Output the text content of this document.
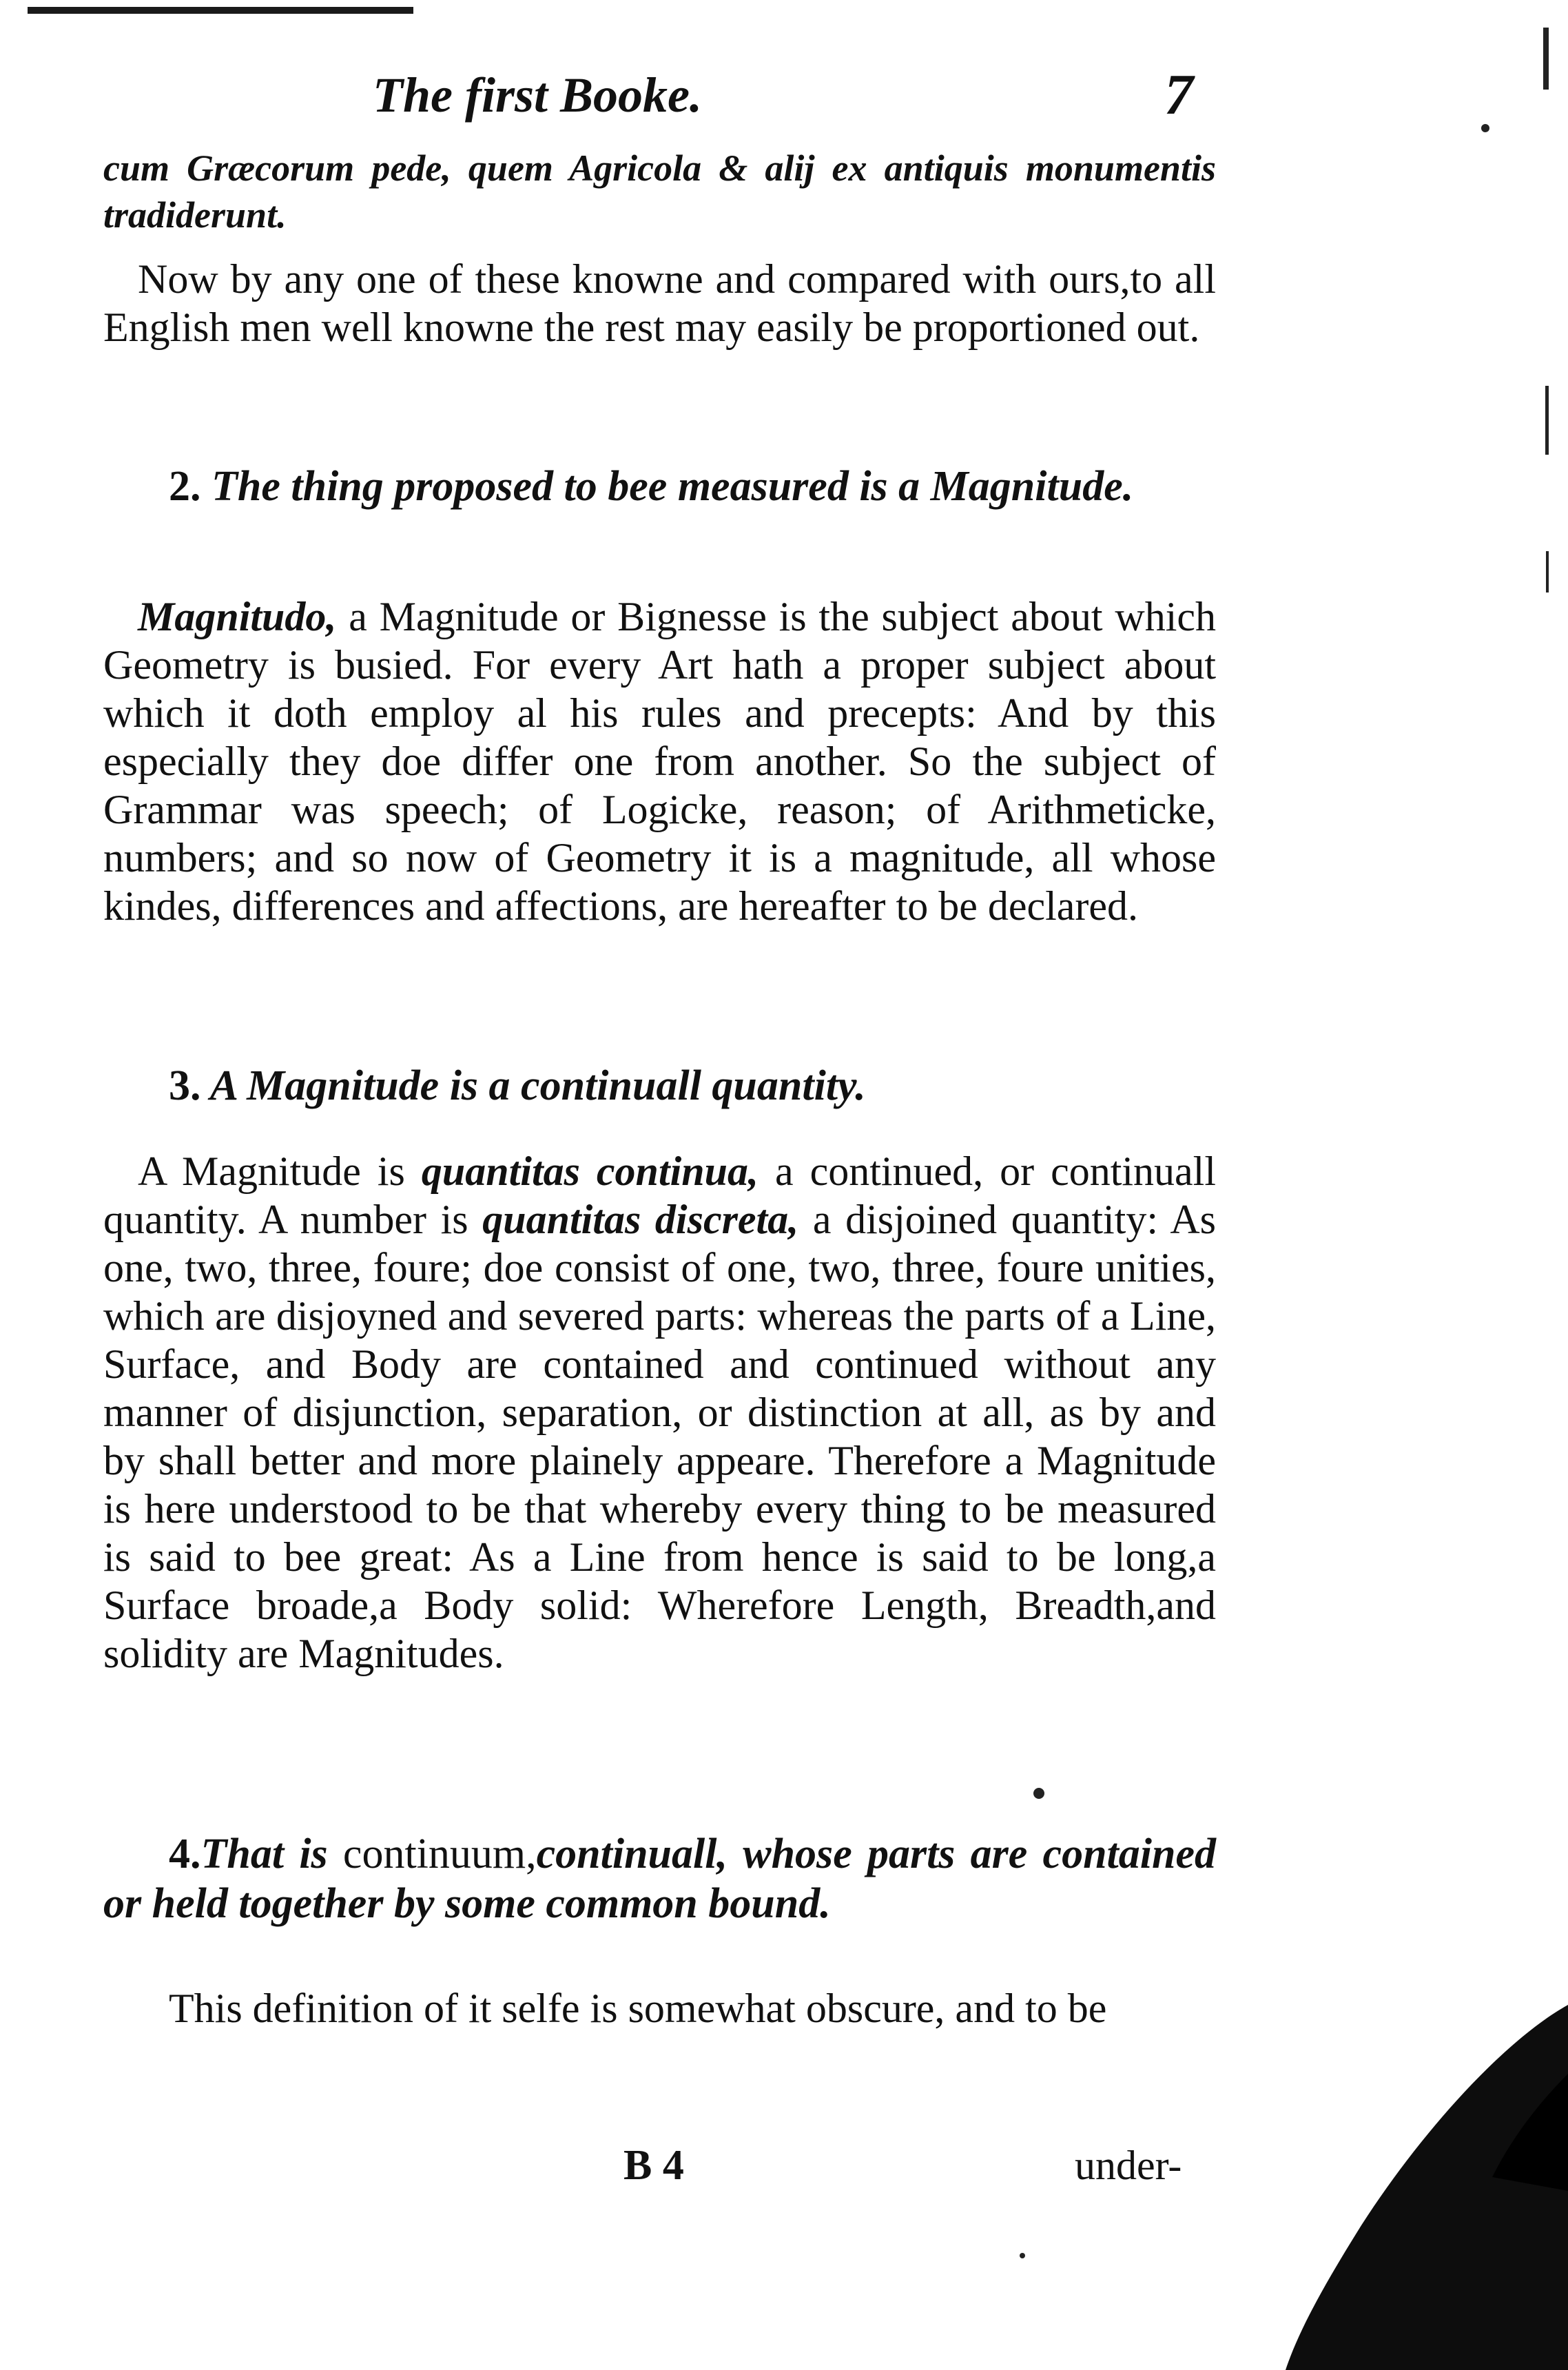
The first Booke.	7
cum Græcorum pede, quem Agricola & alij ex antiquis monumentis tradiderunt.
Now by any one of these knowne and compared with ours,to all English men well knowne the rest may easily be proportioned out.
2. The thing proposed to bee measured is a Magnitude.
Magnitudo, a Magnitude or Bignesse is the subject about which Geometry is busied. For every Art hath a proper subject about which it doth employ al his rules and precepts: And by this especially they doe differ one from another. So the subject of Grammar was speech; of Logicke, reason; of Arithmeticke, numbers; and so now of Geometry it is a magnitude, all whose kindes, differences and affections, are hereafter to be declared.
3. A Magnitude is a continuall quantity.
A Magnitude is quantitas continua, a continued, or continuall quantity. A number is quantitas discreta, a disjoined quantity: As one, two, three, foure; doe consist of one, two, three, foure unities, which are disjoyned and severed parts: whereas the parts of a Line, Surface, and Body are contained and continued without any manner of disjunction, separation, or distinction at all, as by and by shall better and more plainely appeare. Therefore a Magnitude is here understood to be that whereby every thing to be measured is said to bee great: As a Line from hence is said to be long,a Surface broade,a Body solid: Wherefore Length, Breadth,and solidity are Magnitudes.
4.That is continuum,continuall, whose parts are contained or held together by some common bound.
This definition of it selfe is somewhat obscure, and to be
B 4	under-
